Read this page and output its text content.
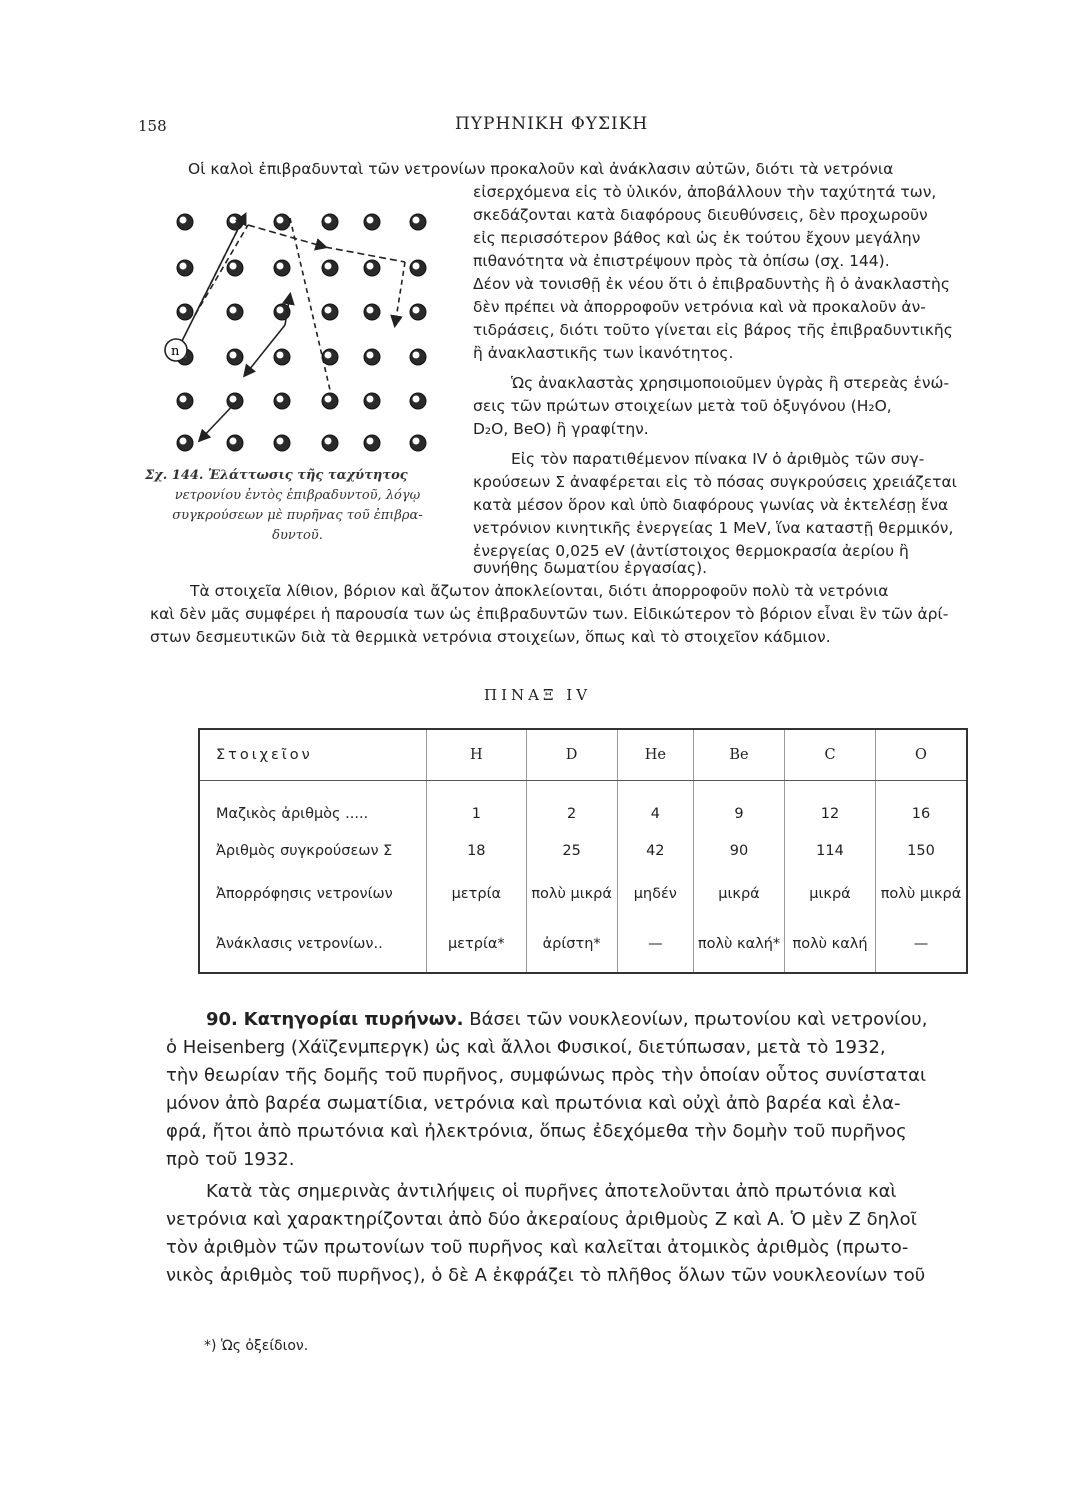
158	ΠΥΡΗΝΙΚΗ ΦΥΣΙΚΗ
Οἱ καλοὶ ἐπιβραδυνταὶ τῶν νετρονίων προκαλοῦν καὶ ἀνάκλασιν αὐτῶν, διότι τὰ νετρόνια
n
Σχ. 144. Ἐλάττωσις τῆς ταχύτητος
νετρονίου ἐντὸς ἐπιβραδυντοῦ, λόγῳ
συγκρούσεων μὲ πυρῆνας τοῦ ἐπιβρα-
δυντοῦ.
εἰσερχόμενα εἰς τὸ ὑλικόν, ἀποβάλλουν τὴν ταχύτητά των,
σκεδάζονται κατὰ διαφόρους διευθύνσεις, δὲν προχωροῦν
εἰς περισσότερον βάθος καὶ ὡς ἐκ τούτου ἔχουν μεγάλην
πιθανότητα νὰ ἐπιστρέψουν πρὸς τὰ ὀπίσω (σχ. 144).
Δέον νὰ τονισθῇ ἐκ νέου ὅτι ὁ ἐπιβραδυντὴς ἢ ὁ ἀνακλαστὴς
δὲν πρέπει νὰ ἀπορροφοῦν νετρόνια καὶ νὰ προκαλοῦν ἀν-
τιδράσεις, διότι τοῦτο γίνεται εἰς βάρος τῆς ἐπιβραδυντικῆς
ἢ ἀνακλαστικῆς των ἱκανότητος.
Ὡς ἀνακλαστὰς χρησιμοποιοῦμεν ὑγρὰς ἢ στερεὰς ἑνώ-
σεις τῶν πρώτων στοιχείων μετὰ τοῦ ὀξυγόνου (H₂O,
D₂O, BeO) ἢ γραφίτην.
Εἰς τὸν παρατιθέμενον πίνακα IV ὁ ἀριθμὸς τῶν συγ-
κρούσεων Σ ἀναφέρεται εἰς τὸ πόσας συγκρούσεις χρειάζεται
κατὰ μέσον ὅρον καὶ ὑπὸ διαφόρους γωνίας νὰ ἐκτελέσῃ ἕνα
νετρόνιον κινητικῆς ἐνεργείας 1 MeV, ἵνα καταστῇ θερμικόν,
ἐνεργείας 0,025 eV (ἀντίστοιχος θερμοκρασία ἀερίου ἢ
συνήθης δωματίου ἐργασίας).
Τὰ στοιχεῖα λίθιον, βόριον καὶ ἄζωτον ἀποκλείονται, διότι ἀπορροφοῦν πολὺ τὰ νετρόνια
καὶ δὲν μᾶς συμφέρει ἡ παρουσία των ὡς ἐπιβραδυντῶν των. Εἰδικώτερον τὸ βόριον εἶναι ἓν τῶν ἀρί-
στων δεσμευτικῶν διὰ τὰ θερμικὰ νετρόνια στοιχείων, ὅπως καὶ τὸ στοιχεῖον κάδμιον.
ΠΙΝΑΞ IV
Στοιχεῖον	H	D	He	Be	C	O

Μαζικὸς ἀριθμὸς .....	1	2	4	9	12	16
Ἀριθμὸς συγκρούσεων Σ	18	25	42	90	114	150
Ἀπορρόφησις νετρονίων	μετρία	πολὺ μικρά	μηδέν	μικρά	μικρά	πολὺ μικρά
Ἀνάκλασις νετρονίων..	μετρία*	ἀρίστη*	—	πολὺ καλή*	πολὺ καλή	—
90. Κατηγορίαι πυρήνων. Βάσει τῶν νουκλεονίων, πρωτονίου καὶ νετρονίου,
ὁ Heisenberg (Χάϊζενμπεργκ) ὡς καὶ ἄλλοι Φυσικοί, διετύπωσαν, μετὰ τὸ 1932,
τὴν θεωρίαν τῆς δομῆς τοῦ πυρῆνος, συμφώνως πρὸς τὴν ὁποίαν οὗτος συνίσταται
μόνον ἀπὸ βαρέα σωματίδια, νετρόνια καὶ πρωτόνια καὶ οὐχὶ ἀπὸ βαρέα καὶ ἐλα-
φρά, ἤτοι ἀπὸ πρωτόνια καὶ ἠλεκτρόνια, ὅπως ἐδεχόμεθα τὴν δομὴν τοῦ πυρῆνος
πρὸ τοῦ 1932.
Κατὰ τὰς σημερινὰς ἀντιλήψεις οἱ πυρῆνες ἀποτελοῦνται ἀπὸ πρωτόνια καὶ
νετρόνια καὶ χαρακτηρίζονται ἀπὸ δύο ἀκεραίους ἀριθμοὺς Z καὶ A. Ὁ μὲν Z δηλοῖ
τὸν ἀριθμὸν τῶν πρωτονίων τοῦ πυρῆνος καὶ καλεῖται ἀτομικὸς ἀριθμὸς (πρωτο-
νικὸς ἀριθμὸς τοῦ πυρῆνος), ὁ δὲ A ἐκφράζει τὸ πλῆθος ὅλων τῶν νουκλεονίων τοῦ
*) Ὡς ὀξείδιον.
